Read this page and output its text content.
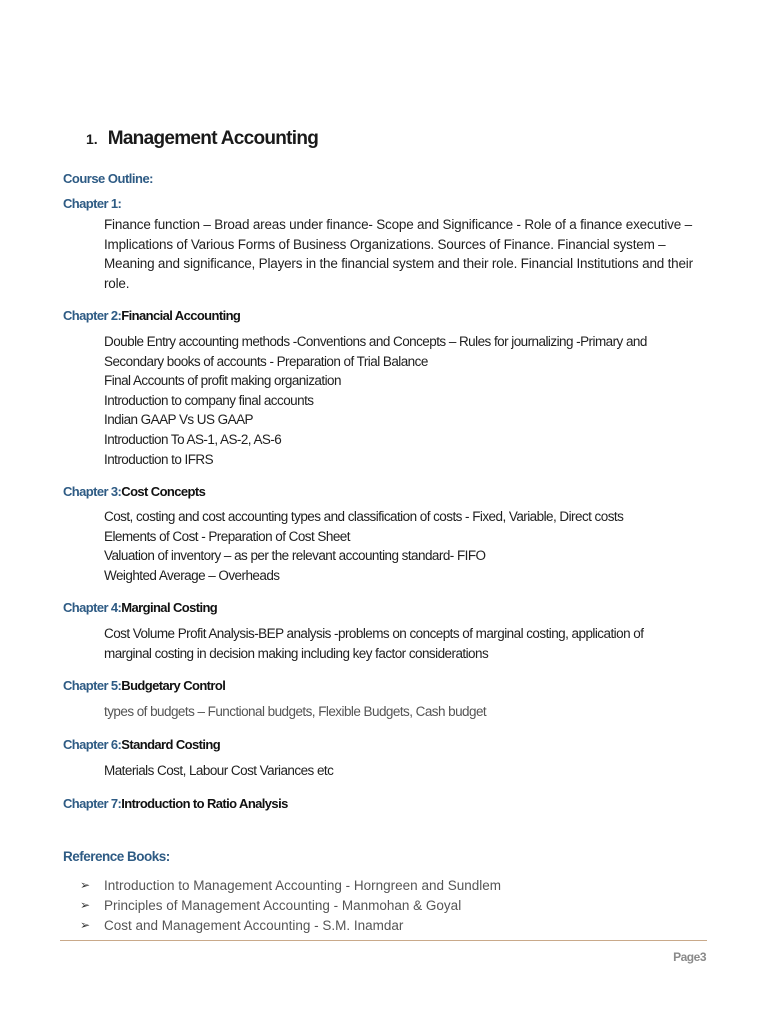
1. Management Accounting
Course Outline:
Chapter 1:
Finance function – Broad areas under finance- Scope and Significance - Role of a finance executive –
Implications of Various Forms of Business Organizations. Sources of Finance. Financial system –
Meaning and significance, Players in the financial system and their role. Financial Institutions and their
role.
Chapter 2:Financial Accounting
Double Entry accounting methods -Conventions and Concepts – Rules for journalizing -Primary and
Secondary books of accounts - Preparation of Trial Balance
Final Accounts of profit making organization
Introduction to company final accounts
Indian GAAP Vs US GAAP
Introduction To AS-1, AS-2, AS-6
Introduction to IFRS
Chapter 3:Cost Concepts
Cost, costing and cost accounting types and classification of costs - Fixed, Variable, Direct costs
Elements of Cost - Preparation of Cost Sheet
Valuation of inventory – as per the relevant accounting standard- FIFO
Weighted Average – Overheads
Chapter 4:Marginal Costing
Cost Volume Profit Analysis-BEP analysis -problems on concepts of marginal costing, application of
marginal costing in decision making including key factor considerations
Chapter 5:Budgetary Control
types of budgets – Functional budgets, Flexible Budgets, Cash budget
Chapter 6:Standard Costing
Materials Cost, Labour Cost Variances etc
Chapter 7:Introduction to Ratio Analysis
Reference Books:
➢	Introduction to Management Accounting - Horngreen and Sundlem
➢	Principles of Management Accounting - Manmohan & Goyal
➢	Cost and Management Accounting - S.M. Inamdar
Page3
